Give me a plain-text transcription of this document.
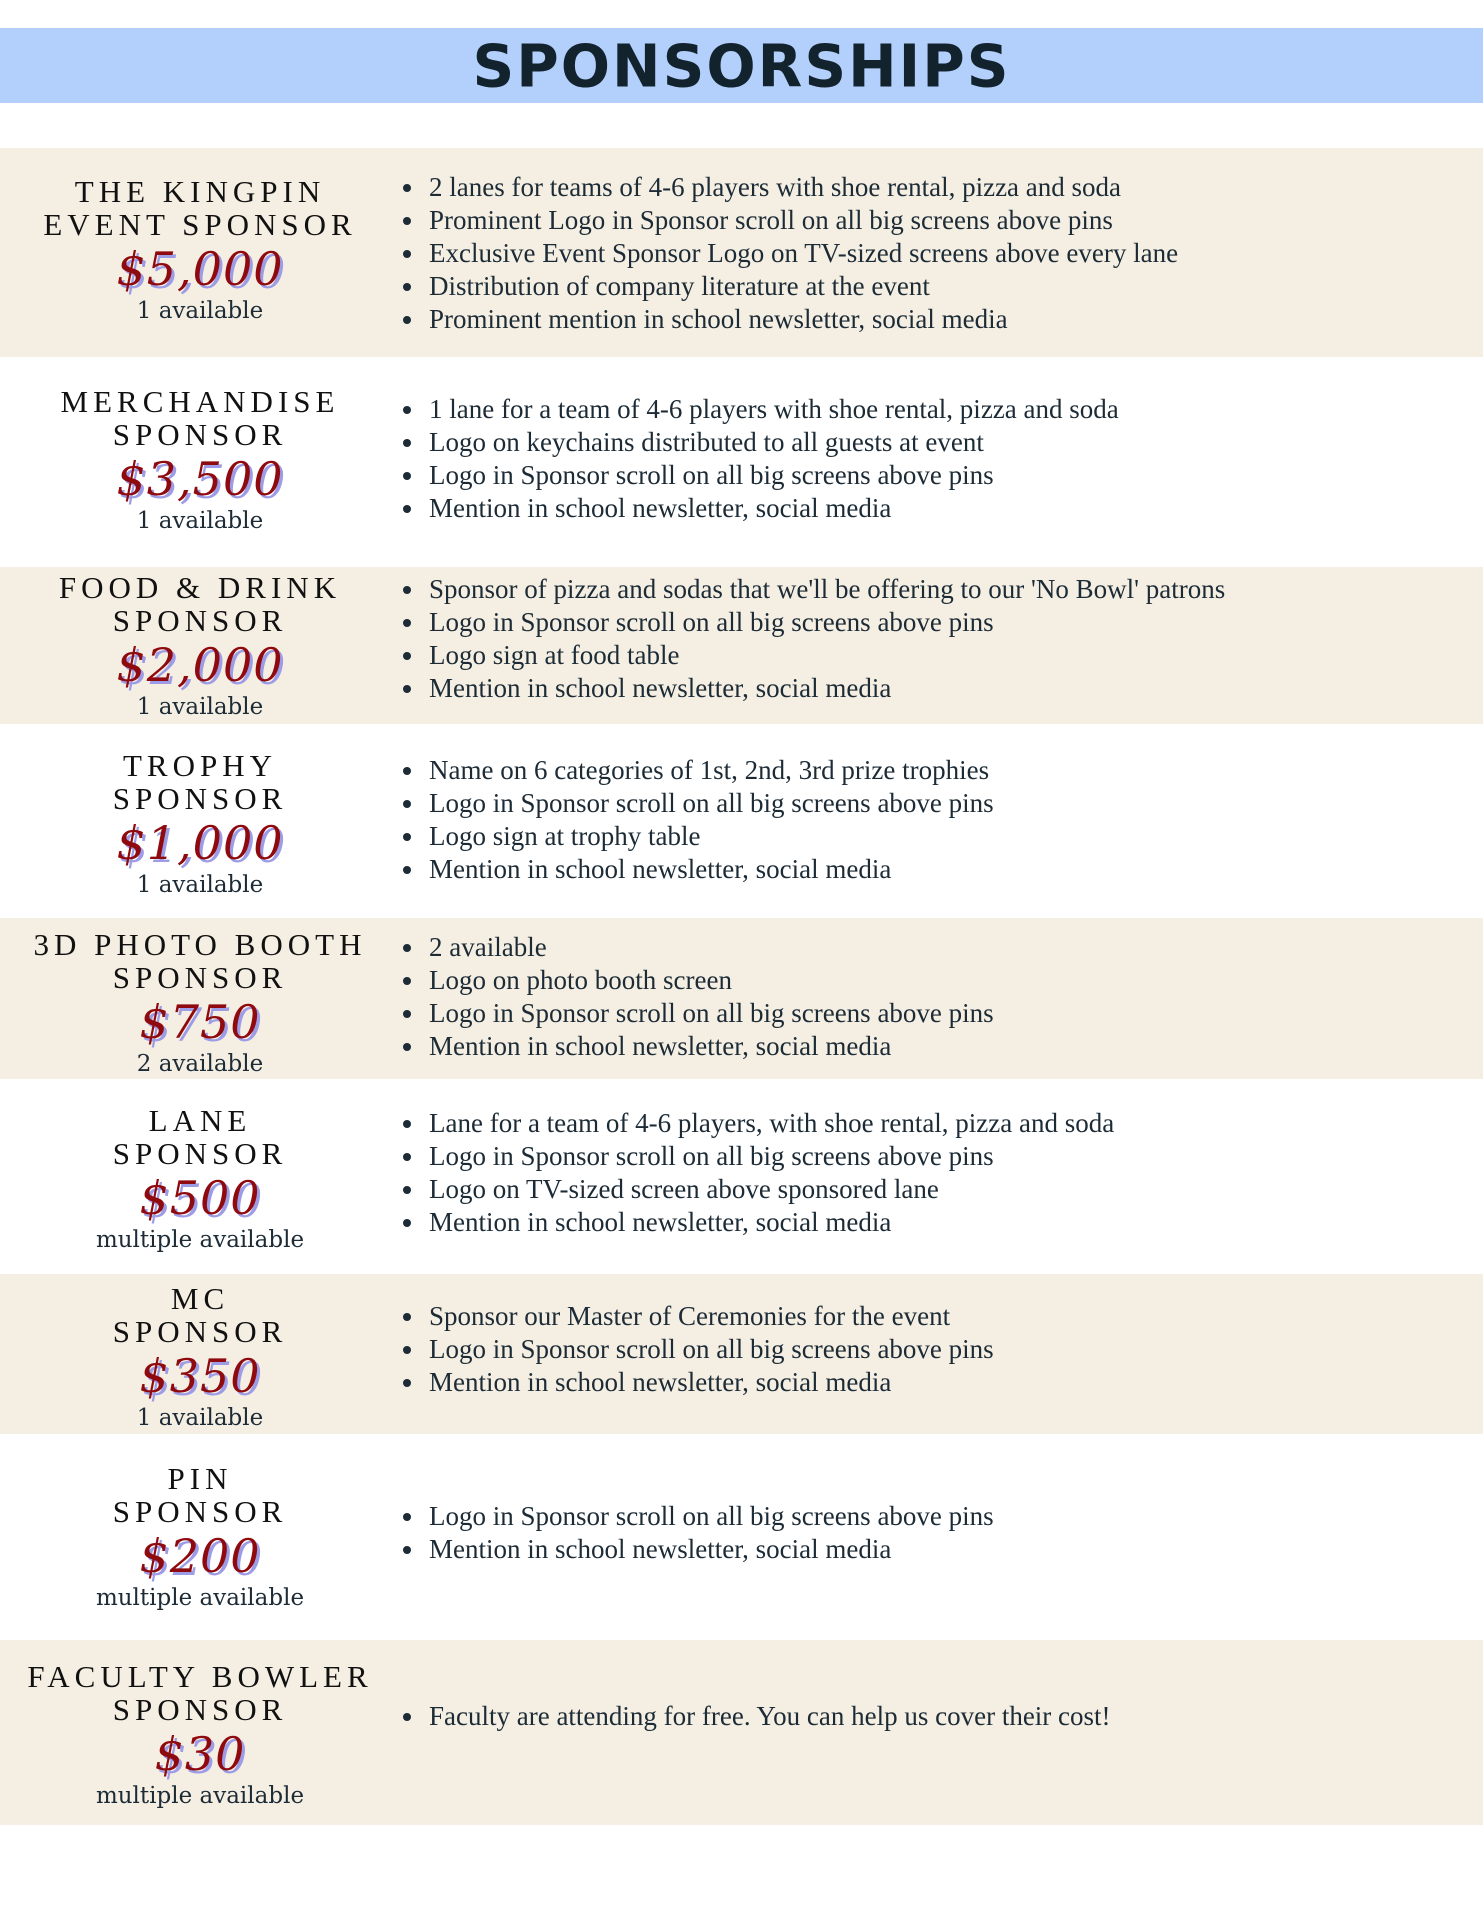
SPONSORSHIPS
THE KINGPIN
EVENT SPONSOR
$5,000
1 available
2 lanes for teams of 4-6 players with shoe rental, pizza and soda
Prominent Logo in Sponsor scroll on all big screens above pins
Exclusive Event Sponsor Logo on TV-sized screens above every lane
Distribution of company literature at the event
Prominent mention in school newsletter, social media
MERCHANDISE
SPONSOR
$3,500
1 available
1 lane for a team of 4-6 players with shoe rental, pizza and soda
Logo on keychains distributed to all guests at event
Logo in Sponsor scroll on all big screens above pins
Mention in school newsletter, social media
FOOD & DRINK
SPONSOR
$2,000
1 available
Sponsor of pizza and sodas that we'll be offering to our 'No Bowl' patrons
Logo in Sponsor scroll on all big screens above pins
Logo sign at food table
Mention in school newsletter, social media
TROPHY
SPONSOR
$1,000
1 available
Name on 6 categories of 1st, 2nd, 3rd prize trophies
Logo in Sponsor scroll on all big screens above pins
Logo sign at trophy table
Mention in school newsletter, social media
3D PHOTO BOOTH
SPONSOR
$750
2 available
2 available
Logo on photo booth screen
Logo in Sponsor scroll on all big screens above pins
Mention in school newsletter, social media
LANE
SPONSOR
$500
multiple available
Lane for a team of 4-6 players, with shoe rental, pizza and soda
Logo in Sponsor scroll on all big screens above pins
Logo on TV-sized screen above sponsored lane
Mention in school newsletter, social media
MC
SPONSOR
$350
1 available
Sponsor our Master of Ceremonies for the event
Logo in Sponsor scroll on all big screens above pins
Mention in school newsletter, social media
PIN
SPONSOR
$200
multiple available
Logo in Sponsor scroll on all big screens above pins
Mention in school newsletter, social media
FACULTY BOWLER
SPONSOR
$30
multiple available
Faculty are attending for free. You can help us cover their cost!
